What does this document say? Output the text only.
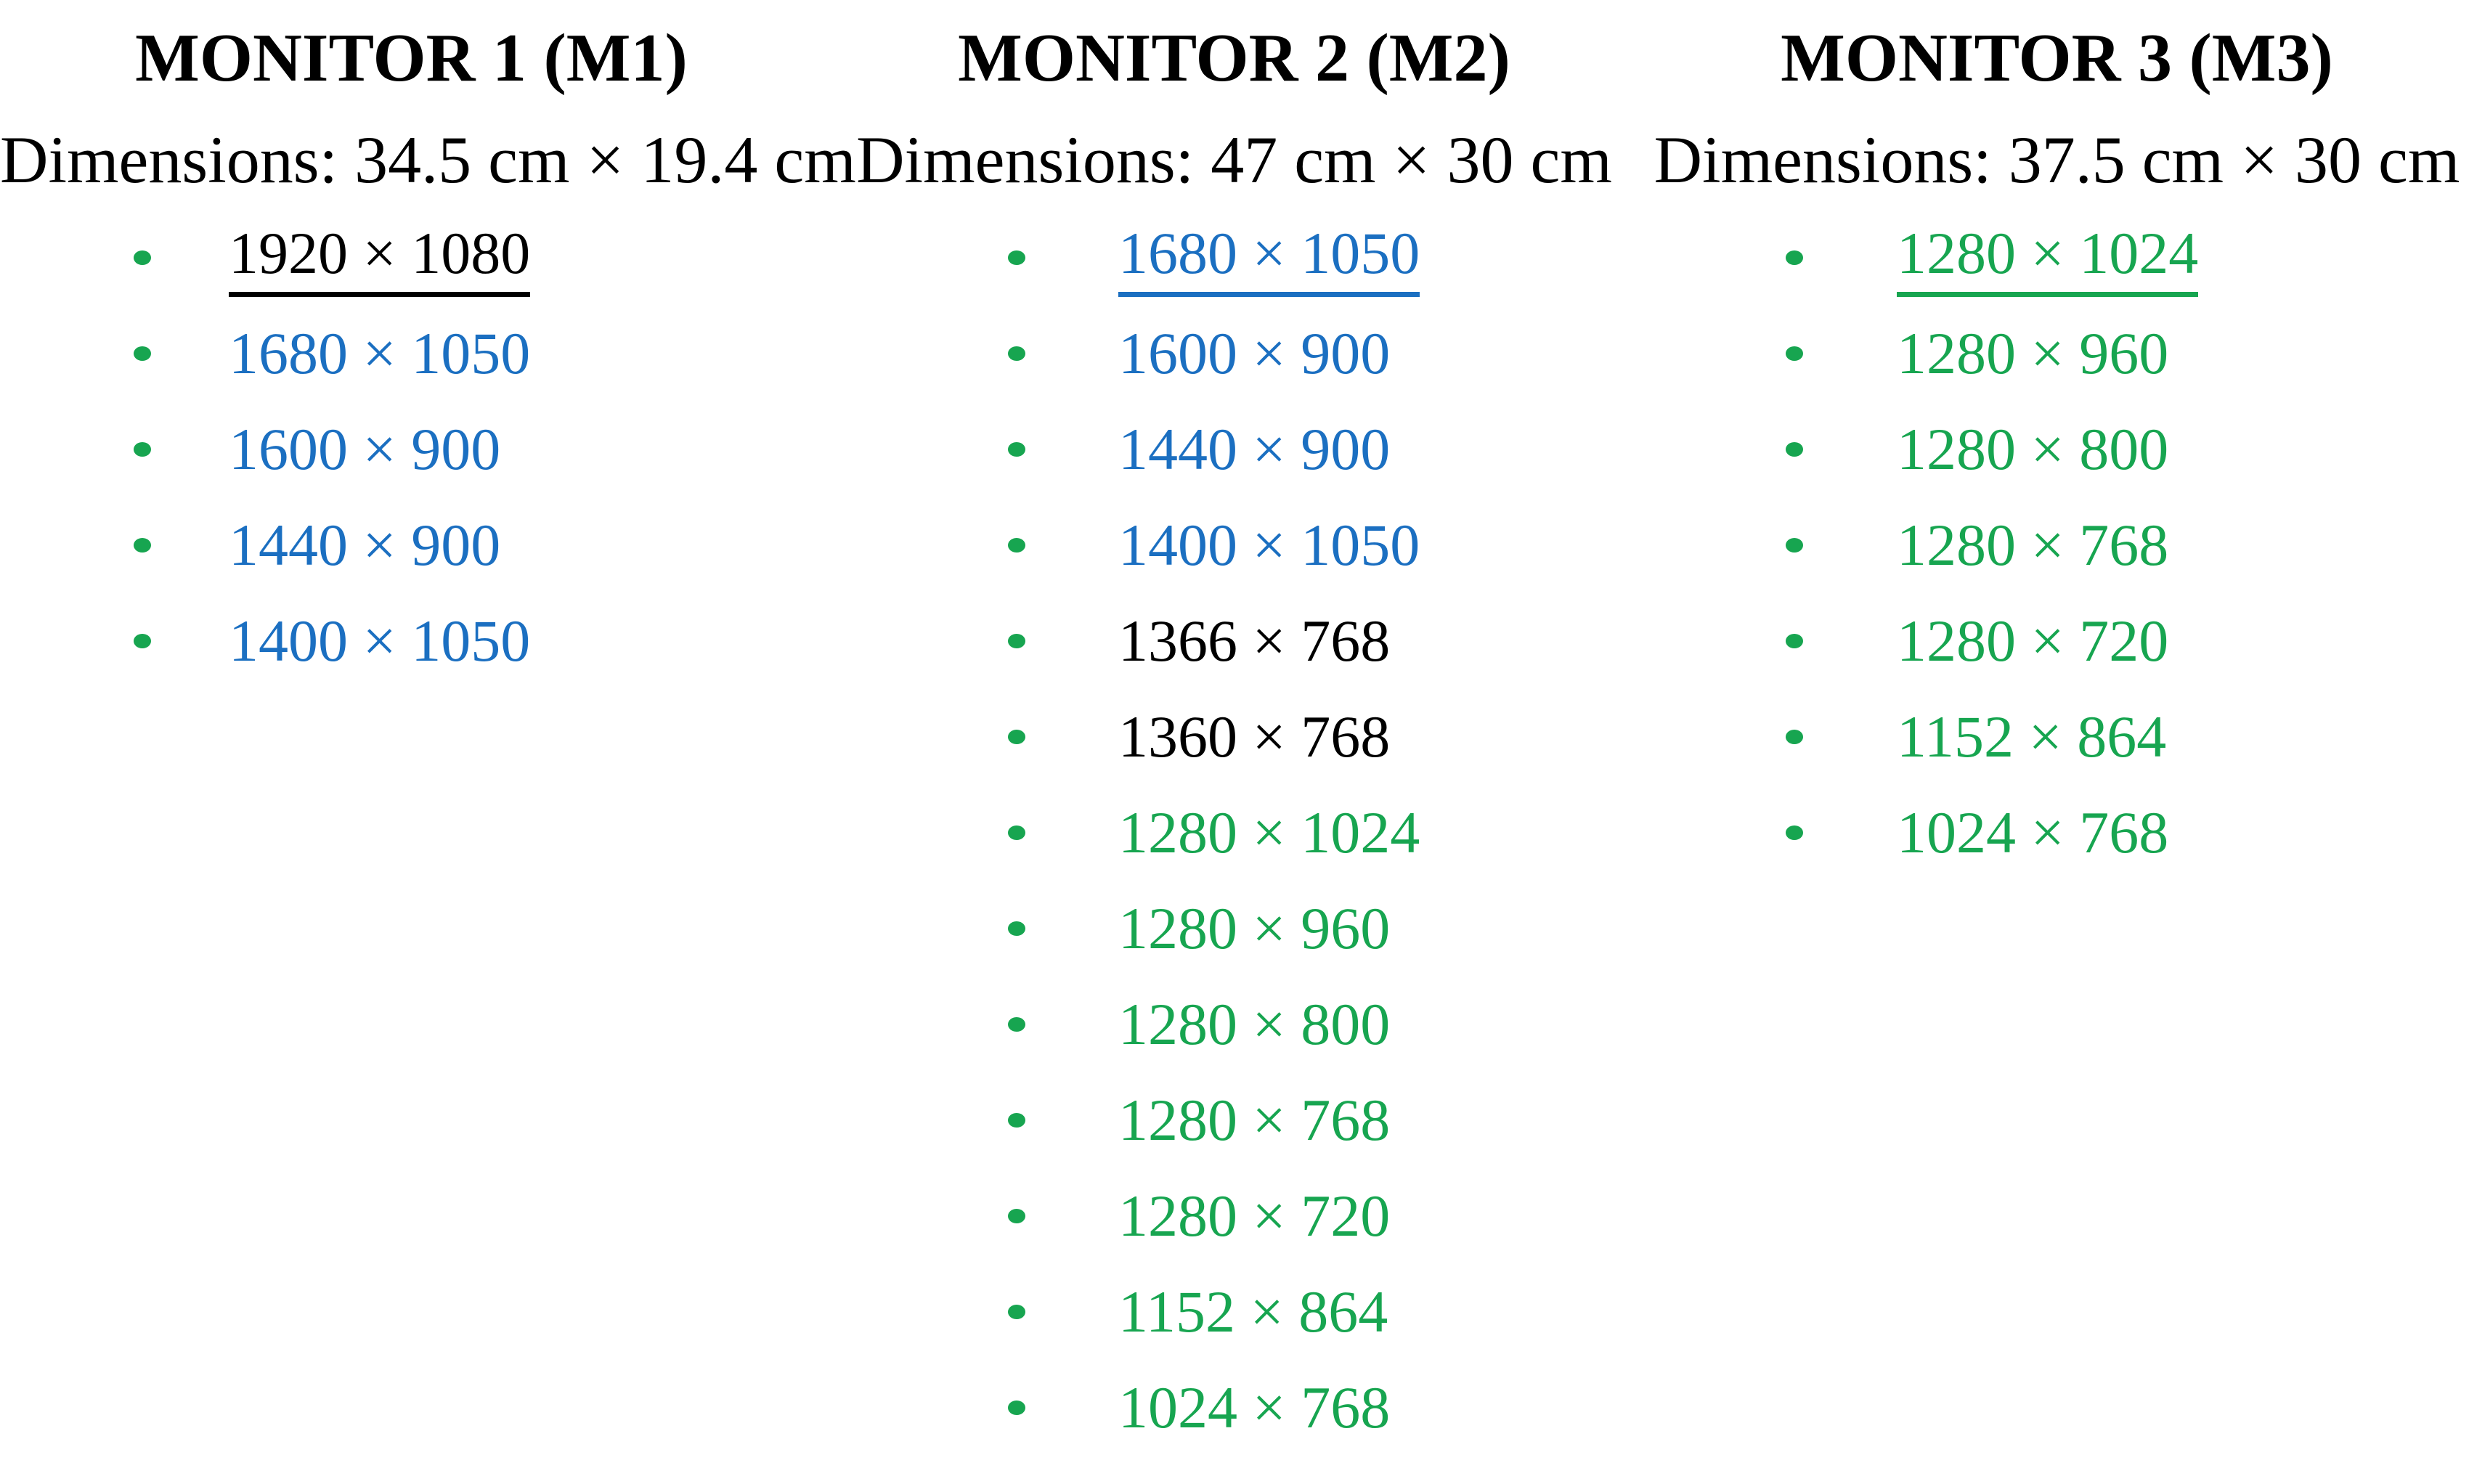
MONITOR 1 (M1)
Dimensions: 34.5 cm × 19.4 cm
1920 × 1080
1680 × 1050
1600 × 900
1440 × 900
1400 × 1050
MONITOR 2 (M2)
Dimensions: 47 cm × 30 cm
1680 × 1050
1600 × 900
1440 × 900
1400 × 1050
1366 × 768
1360 × 768
1280 × 1024
1280 × 960
1280 × 800
1280 × 768
1280 × 720
1152 × 864
1024 × 768
MONITOR 3 (M3)
Dimensions: 37.5 cm × 30 cm
1280 × 1024
1280 × 960
1280 × 800
1280 × 768
1280 × 720
1152 × 864
1024 × 768
